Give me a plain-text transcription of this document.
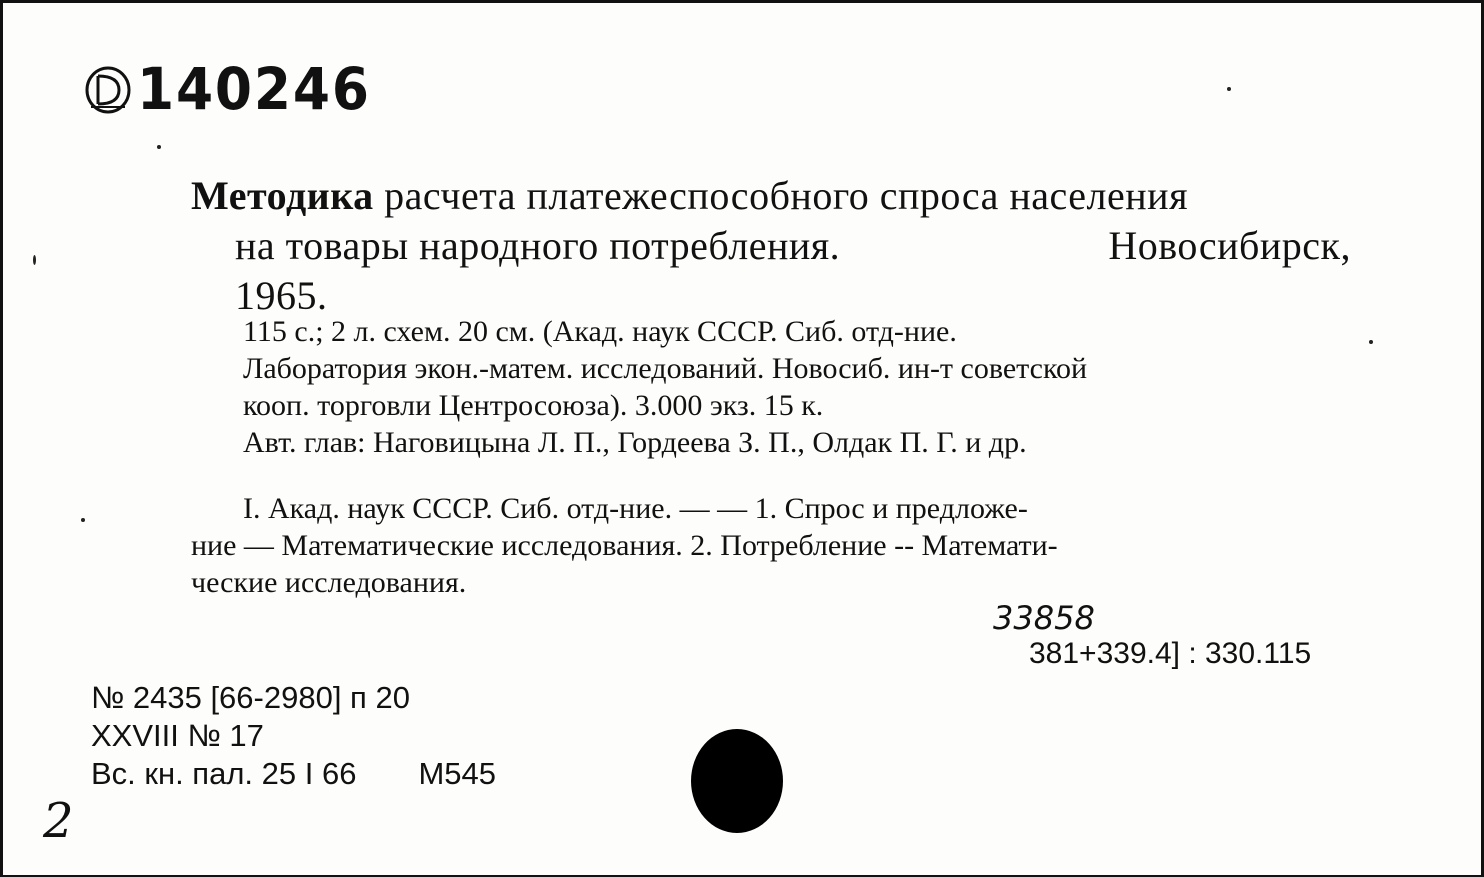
140246
Методика расчета платежеспособного спроса населения
на товары народного потребления.	Новосибирск,
1965.
115 с.; 2 л. схем. 20 см. (Акад. наук СССР. Сиб. отд-ние.
Лаборатория экон.-матем. исследований. Новосиб. ин-т советской
кооп. торговли Центросоюза). 3.000 экз. 15 к.
Авт. глав: Наговицына Л. П., Гордеева З. П., Олдак П. Г. и др.
I. Акад. наук СССР. Сиб. отд-ние. — — 1. Спрос и предложе-
ние — Математические исследования. 2. Потребление -- Математи-
ческие исследования.
33858
381+339.4] : 330.115
№ 2435 [66-2980] п 20
XXVIII № 17
Вс. кн. пал. 25 I 66 M545
2
